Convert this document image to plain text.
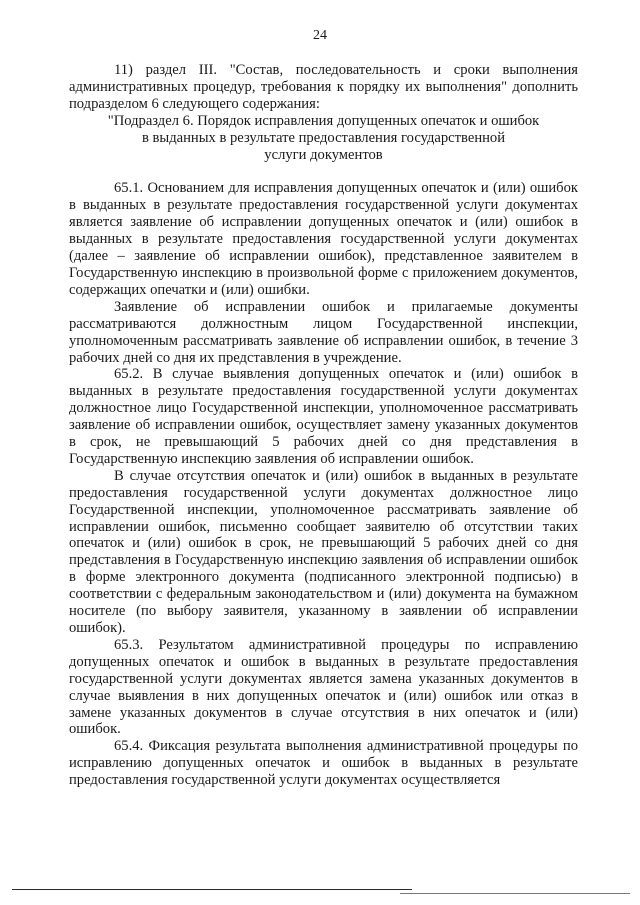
24

11) раздел III. "Состав, последовательность и сроки выполнения административных процедур, требования к порядку их выполнения" дополнить подразделом 6 следующего содержания:

"Подраздел 6. Порядок исправления допущенных опечаток и ошибок
в выданных в результате предоставления государственной
услуги документов

65.1. Основанием для исправления допущенных опечаток и (или) ошибок в выданных в результате предоставления государственной услуги документах является заявление об исправлении допущенных опечаток и (или) ошибок в выданных в результате предоставления государственной услуги документах (далее – заявление об исправлении ошибок), представленное заявителем в Государственную инспекцию в произвольной форме с приложением документов, содержащих опечатки и (или) ошибки.

Заявление об исправлении ошибок и прилагаемые документы рассматриваются должностным лицом Государственной инспекции, уполномоченным рассматривать заявление об исправлении ошибок, в течение 3 рабочих дней со дня их представления в учреждение.

65.2. В случае выявления допущенных опечаток и (или) ошибок в выданных в результате предоставления государственной услуги документах должностное лицо Государственной инспекции, уполномоченное рассматривать заявление об исправлении ошибок, осуществляет замену указанных документов в срок, не превышающий 5 рабочих дней со дня представления в Государственную инспекцию заявления об исправлении ошибок.

В случае отсутствия опечаток и (или) ошибок в выданных в результате предоставления государственной услуги документах должностное лицо Государственной инспекции, уполномоченное рассматривать заявление об исправлении ошибок, письменно сообщает заявителю об отсутствии таких опечаток и (или) ошибок в срок, не превышающий 5 рабочих дней со дня представления в Государственную инспекцию заявления об исправлении ошибок в форме электронного документа (подписанного электронной подписью) в соответствии с федеральным законодательством и (или) документа на бумажном носителе (по выбору заявителя, указанному в заявлении об исправлении ошибок).

65.3. Результатом административной процедуры по исправлению допущенных опечаток и ошибок в выданных в результате предоставления государственной услуги документах является замена указанных документов в случае выявления в них допущенных опечаток и (или) ошибок или отказ в замене указанных документов в случае отсутствия в них опечаток и (или) ошибок.

65.4. Фиксация результата выполнения административной процедуры по исправлению допущенных опечаток и ошибок в выданных в результате предоставления государственной услуги документах осуществляется
